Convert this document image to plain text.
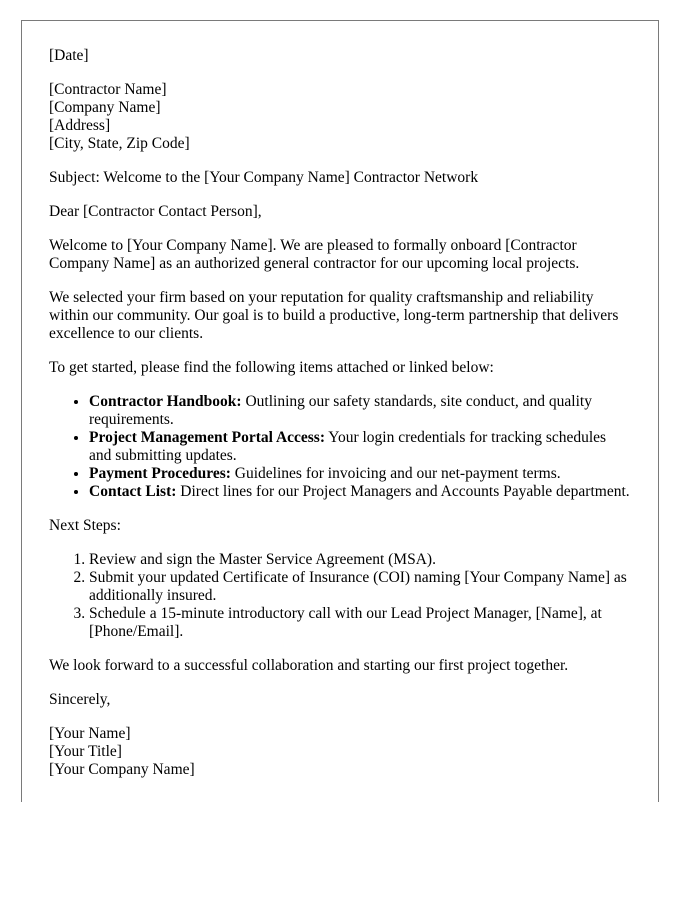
[Date]
[Contractor Name]
[Company Name]
[Address]
[City, State, Zip Code]
Subject: Welcome to the [Your Company Name] Contractor Network
Dear [Contractor Contact Person],
Welcome to [Your Company Name]. We are pleased to formally onboard [Contractor Company Name] as an authorized general contractor for our upcoming local projects.
We selected your firm based on your reputation for quality craftsmanship and reliability within our community. Our goal is to build a productive, long-term partnership that delivers excellence to our clients.
To get started, please find the following items attached or linked below:
• Contractor Handbook: Outlining our safety standards, site conduct, and quality requirements.
• Project Management Portal Access: Your login credentials for tracking schedules and submitting updates.
• Payment Procedures: Guidelines for invoicing and our net-payment terms.
• Contact List: Direct lines for our Project Managers and Accounts Payable department.
Next Steps:
1. Review and sign the Master Service Agreement (MSA).
2. Submit your updated Certificate of Insurance (COI) naming [Your Company Name] as additionally insured.
3. Schedule a 15-minute introductory call with our Lead Project Manager, [Name], at [Phone/Email].
We look forward to a successful collaboration and starting our first project together.
Sincerely,
[Your Name]
[Your Title]
[Your Company Name]
